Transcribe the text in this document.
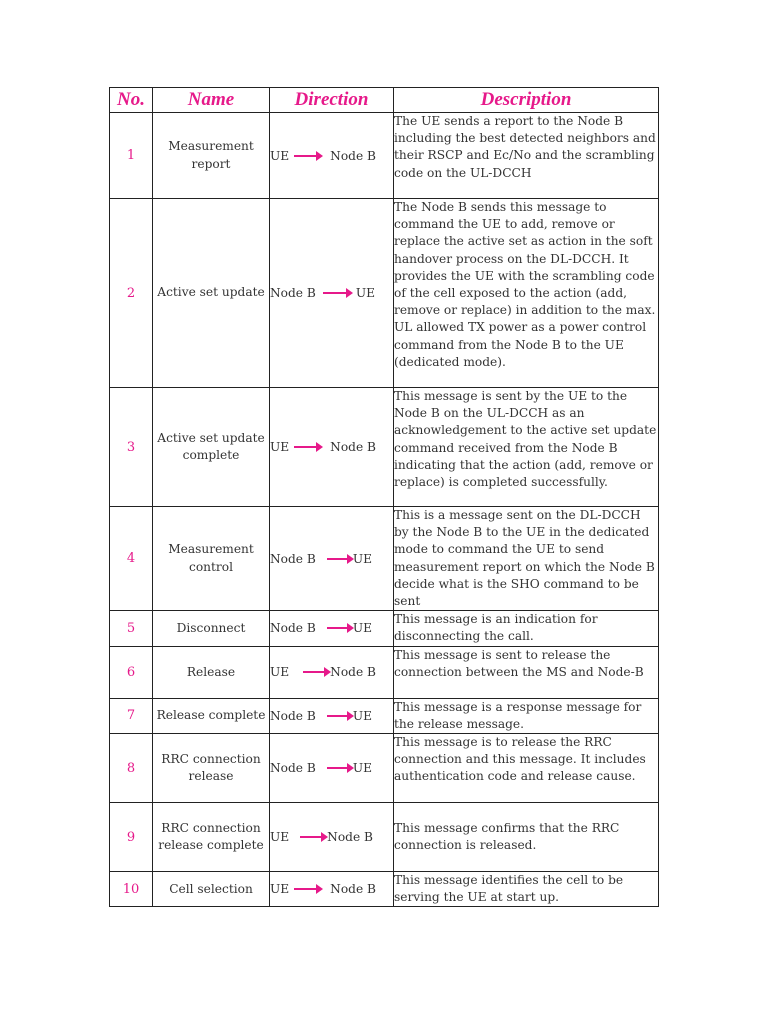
No.	Name	Direction	Description
1	Measurement report	UE Node B	The UE sends a report to the Node B including the best detected neighbors and their RSCP and Ec/No and the scrambling code on the UL-DCCH
2	Active set update	Node B UE	The Node B sends this message to command the UE to add, remove or replace the active set as action in the soft handover process on the DL-DCCH. It provides the UE with the scrambling code of the cell exposed to the action (add, remove or replace) in addition to the max. UL allowed TX power as a power control command from the Node B to the UE (dedicated mode).
3	Active set update complete	UE Node B	This message is sent by the UE to the Node B on the UL-DCCH as an acknowledgement to the active set update command received from the Node B indicating that the action (add, remove or replace) is completed successfully.
4	Measurement control	Node B UE	This is a message sent on the DL-DCCH by the Node B to the UE in the dedicated mode to command the UE to send measurement report on which the Node B decide what is the SHO command to be sent
5	Disconnect	Node B UE	This message is an indication for disconnecting the call.
6	Release	UE Node B	This message is sent to release the connection between the MS and Node-B
7	Release complete	Node B UE	This message is a response message for the release message.
8	RRC connection release	Node B UE	This message is to release the RRC connection and this message. It includes authentication code and release cause.
9	RRC connection release complete	UE Node B	This message confirms that the RRC connection is released.
10	Cell selection	UE Node B	This message identifies the cell to be serving the UE at start up.
